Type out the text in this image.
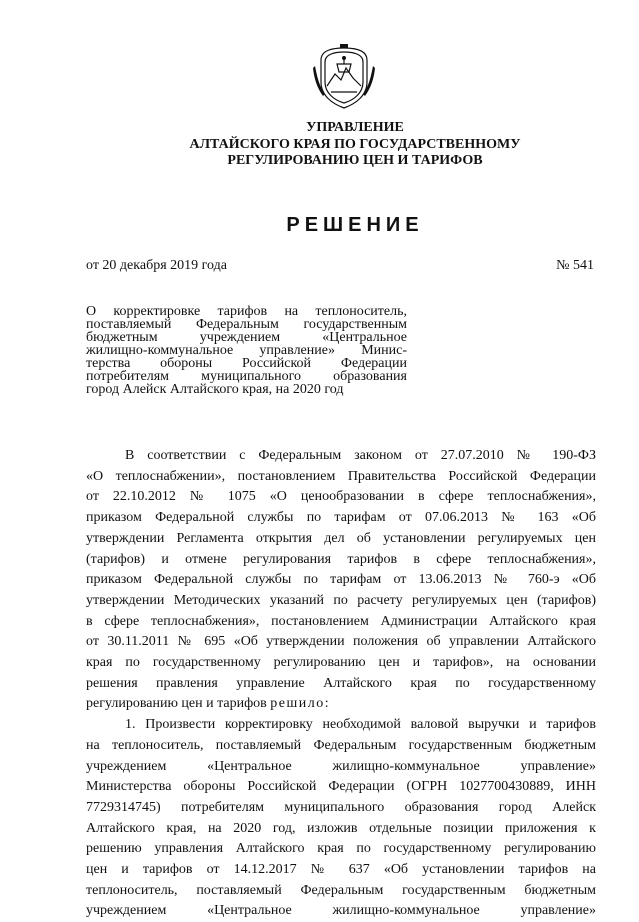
УПРАВЛЕНИЕ
АЛТАЙСКОГО КРАЯ ПО ГОСУДАРСТВЕННОМУ
РЕГУЛИРОВАНИЮ ЦЕН И ТАРИФОВ
РЕШЕНИЕ
от 20 декабря 2019 года	№ 541
О корректировке тарифов на теплоноситель,
поставляемый Федеральным государственным
бюджетным учреждением «Центральное
жилищно-коммунальное управление» Минис-
терства обороны Российской Федерации
потребителям муниципального образования
город Алейск Алтайского края, на 2020 год
В соответствии с Федеральным законом от 27.07.2010 № 190-ФЗ
«О теплоснабжении», постановлением Правительства Российской Федерации
от 22.10.2012 № 1075 «О ценообразовании в сфере теплоснабжения»,
приказом Федеральной службы по тарифам от 07.06.2013 № 163 «Об
утверждении Регламента открытия дел об установлении регулируемых цен
(тарифов) и отмене регулирования тарифов в сфере теплоснабжения»,
приказом Федеральной службы по тарифам от 13.06.2013 № 760-э «Об
утверждении Методических указаний по расчету регулируемых цен (тарифов)
в сфере теплоснабжения», постановлением Администрации Алтайского края
от 30.11.2011 № 695 «Об утверждении положения об управлении Алтайского
края по государственному регулированию цен и тарифов», на основании
решения правления управление Алтайского края по государственному
регулированию цен и тарифов решило:
1. Произвести корректировку необходимой валовой выручки и тарифов
на теплоноситель, поставляемый Федеральным государственным бюджетным
учреждением «Центральное жилищно-коммунальное управление»
Министерства обороны Российской Федерации (ОГРН 1027700430889, ИНН
7729314745) потребителям муниципального образования город Алейск
Алтайского края, на 2020 год, изложив отдельные позиции приложения к
решению управления Алтайского края по государственному регулированию
цен и тарифов от 14.12.2017 № 637 «Об установлении тарифов на
теплоноситель, поставляемый Федеральным государственным бюджетным
учреждением «Центральное жилищно-коммунальное управление»
